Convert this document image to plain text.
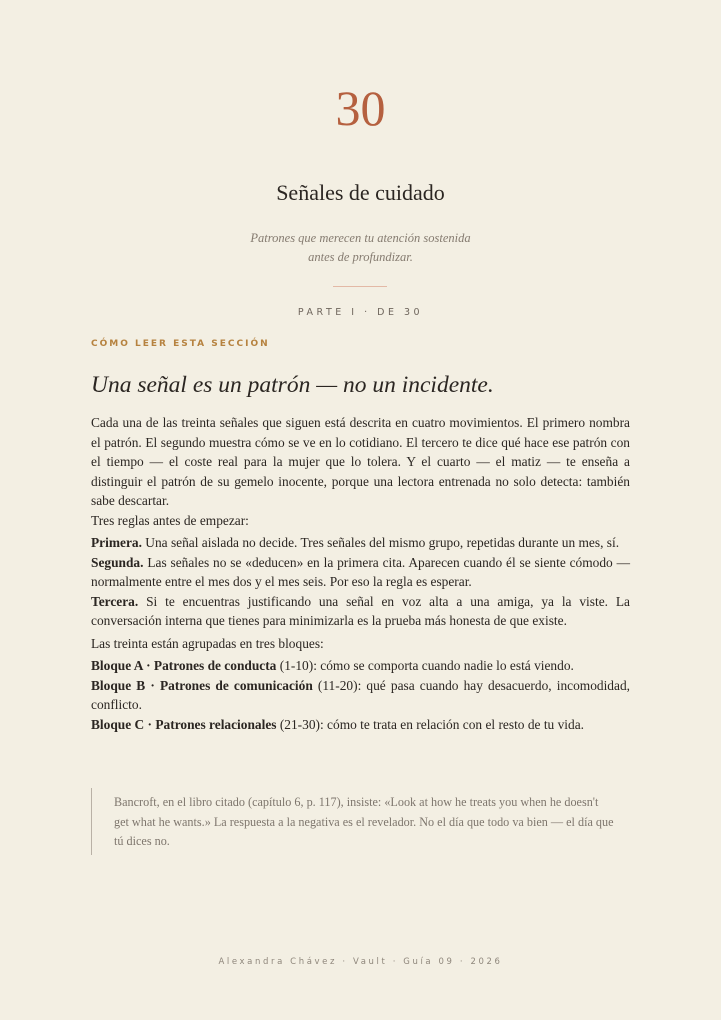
30
Señales de cuidado
Patrones que merecen tu atención sostenida
antes de profundizar.
PARTE I · DE 30
CÓMO LEER ESTA SECCIÓN
Una señal es un patrón — no un incidente.

Cada una de las treinta señales que siguen está descrita en cuatro movimientos. El primero nombra el patrón. El segundo muestra cómo se ve en lo cotidiano. El tercero te dice qué hace ese patrón con el tiempo — el coste real para la mujer que lo tolera. Y el cuarto — el matiz — te enseña a distinguir el patrón de su gemelo inocente, porque una lectora entrenada no solo detecta: también sabe descartar.

Tres reglas antes de empezar:

Primera. Una señal aislada no decide. Tres señales del mismo grupo, repetidas durante un mes, sí.

Segunda. Las señales no se «deducen» en la primera cita. Aparecen cuando él se siente cómodo — normalmente entre el mes dos y el mes seis. Por eso la regla es esperar.

Tercera. Si te encuentras justificando una señal en voz alta a una amiga, ya la viste. La conversación interna que tienes para minimizarla es la prueba más honesta de que existe.

Las treinta están agrupadas en tres bloques:

Bloque A · Patrones de conducta (1-10): cómo se comporta cuando nadie lo está viendo.

Bloque B · Patrones de comunicación (11-20): qué pasa cuando hay desacuerdo, incomodidad, conflicto.

Bloque C · Patrones relacionales (21-30): cómo te trata en relación con el resto de tu vida.

Bancroft, en el libro citado (capítulo 6, p. 117), insiste: «Look at how he treats you when he doesn't get what he wants.» La respuesta a la negativa es el revelador. No el día que todo va bien — el día que tú dices no.
Alexandra Chávez · Vault · Guía 09 · 2026
